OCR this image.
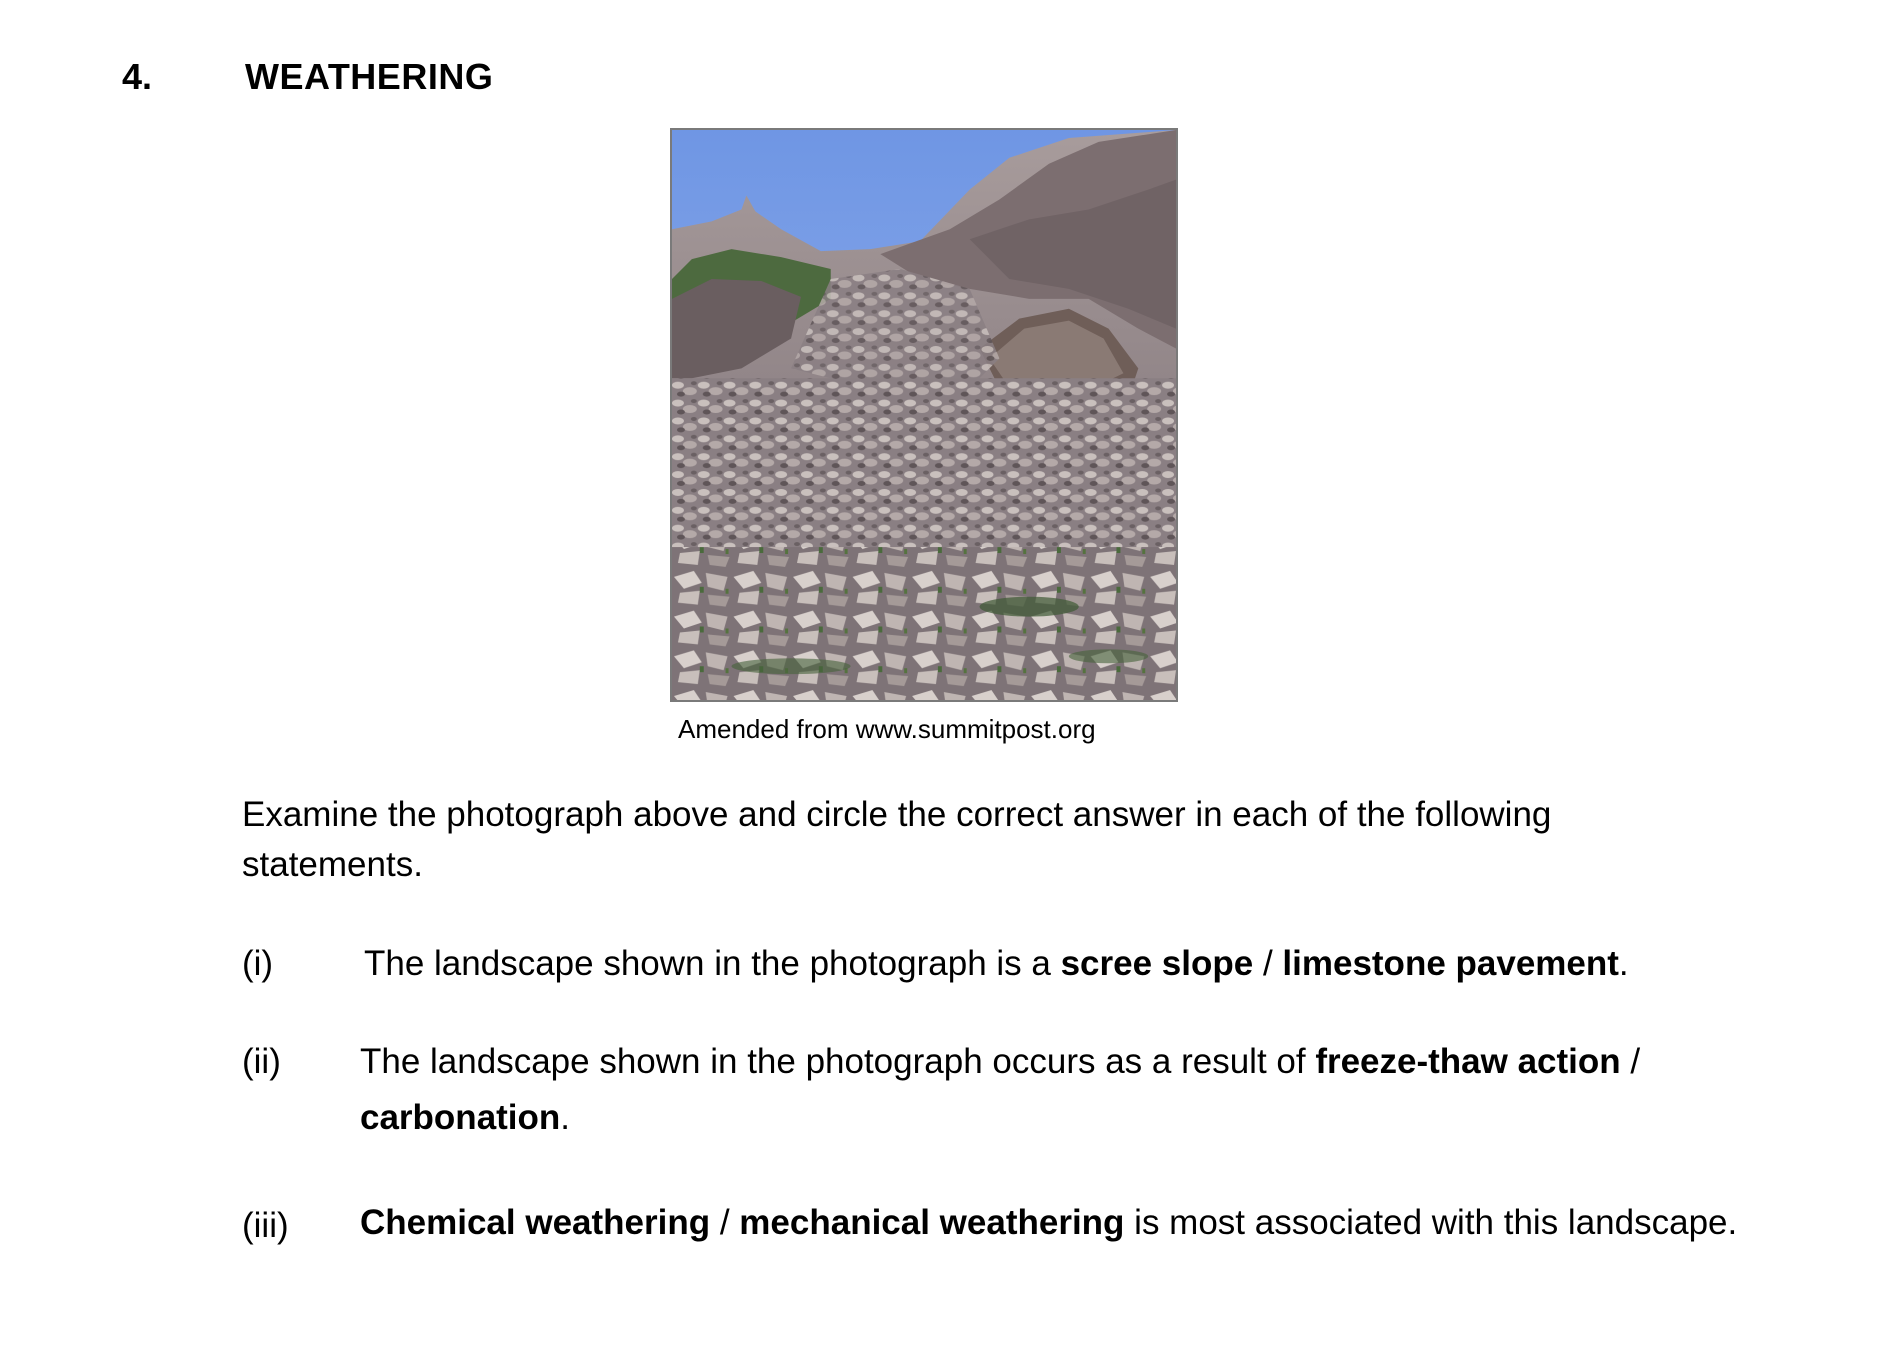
4.	WEATHERING
Amended from www.summitpost.org
Examine the photograph above and circle the correct answer in each of the following statements.
(i)	The landscape shown in the photograph is a scree slope / limestone pavement.
(ii) The landscape shown in the photograph occurs as a result of freeze-thaw action / carbonation.
(iii) Chemical weathering / mechanical weathering is most associated with this landscape.
